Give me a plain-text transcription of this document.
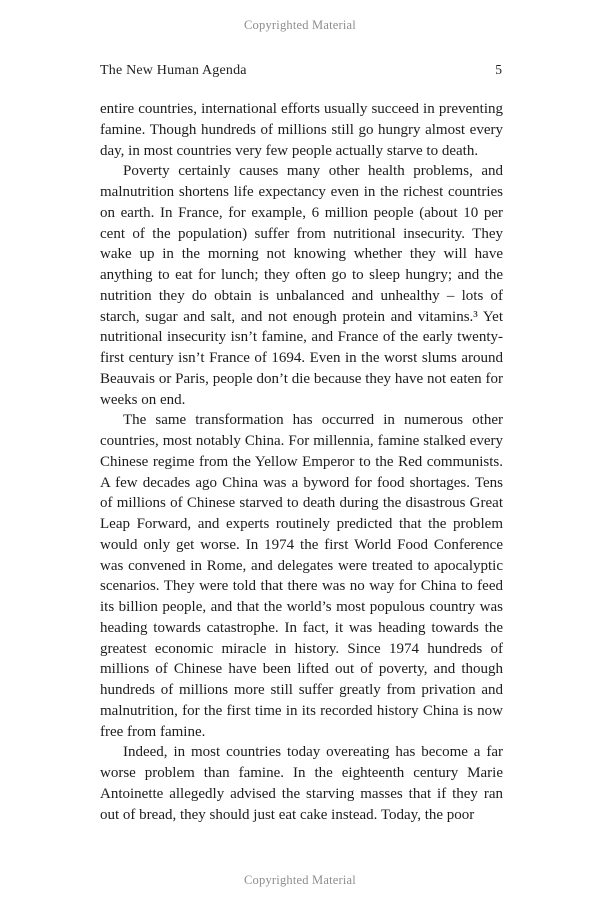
Copyrighted Material
The New Human Agenda	5

entire countries, international efforts usually succeed in preventing famine. Though hundreds of millions still go hungry almost every day, in most countries very few people actually starve to death.

Poverty certainly causes many other health problems, and malnutrition shortens life expectancy even in the richest countries on earth. In France, for example, 6 million people (about 10 per cent of the population) suffer from nutritional insecurity. They wake up in the morning not knowing whether they will have anything to eat for lunch; they often go to sleep hungry; and the nutrition they do obtain is unbalanced and unhealthy – lots of starch, sugar and salt, and not enough protein and vitamins.³ Yet nutritional insecurity isn’t famine, and France of the early twenty-first century isn’t France of 1694. Even in the worst slums around Beauvais or Paris, people don’t die because they have not eaten for weeks on end.

The same transformation has occurred in numerous other countries, most notably China. For millennia, famine stalked every Chinese regime from the Yellow Emperor to the Red communists. A few decades ago China was a byword for food shortages. Tens of millions of Chinese starved to death during the disastrous Great Leap Forward, and experts routinely predicted that the problem would only get worse. In 1974 the first World Food Conference was convened in Rome, and delegates were treated to apocalyptic scenarios. They were told that there was no way for China to feed its billion people, and that the world’s most populous country was heading towards catastrophe. In fact, it was heading towards the greatest economic miracle in history. Since 1974 hundreds of millions of Chinese have been lifted out of poverty, and though hundreds of millions more still suffer greatly from privation and malnutrition, for the first time in its recorded history China is now free from famine.

Indeed, in most countries today overeating has become a far worse problem than famine. In the eighteenth century Marie Antoinette allegedly advised the starving masses that if they ran out of bread, they should just eat cake instead. Today, the poor

Copyrighted Material
